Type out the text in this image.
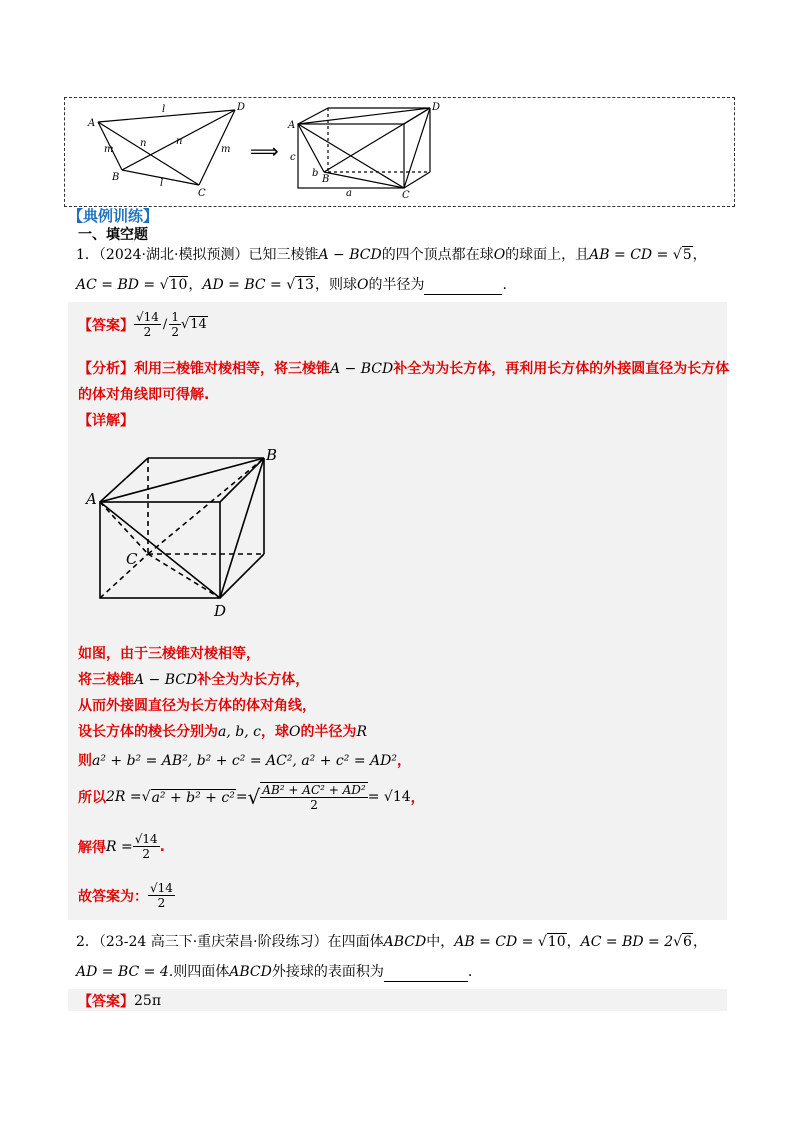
A
D
B
C
l
n	n
m	m
l
A
D
B
C
a
b
c
⟹
【典例训练】
一、填空题
1．（2024·湖北·模拟预测）已知三棱锥A − BCD的四个顶点都在球O的球面上，且AB = CD = √5，
AC = BD = √10，AD = BC = √13，则球O的半径为	.
【答案】 $\frac{√14}{2} / \frac{1}{2} √14$
【分析】利用三棱锥对棱相等，将三棱锥A − BCD补全为为长方体，再利用长方体的外接圆直径为长方体
的体对角线即可得解.
【详解】
A
B
C
D
如图，由于三棱锥对棱相等，
将三棱锥A − BCD补全为为长方体，
从而外接圆直径为长方体的体对角线，
设长方体的棱长分别为a, b, c，球O的半径为R
则a² + b² = AB², b² + c² = AC², a² + c² = AD²，
所以 2R = √ a² + b² + c² = √ $\frac{\text{AB² + AC² + AD²}}{2} = √14$ ，
解得 $R = \frac{√14}{2}$ .
故答案为： $\frac{√14}{2}$
2．（23-24 高三下·重庆荣昌·阶段练习）在四面体ABCD中，AB = CD = √10，AC = BD = 2√6，
AD = BC = 4.则四面体ABCD外接球的表面积为	.
【答案】 25π
